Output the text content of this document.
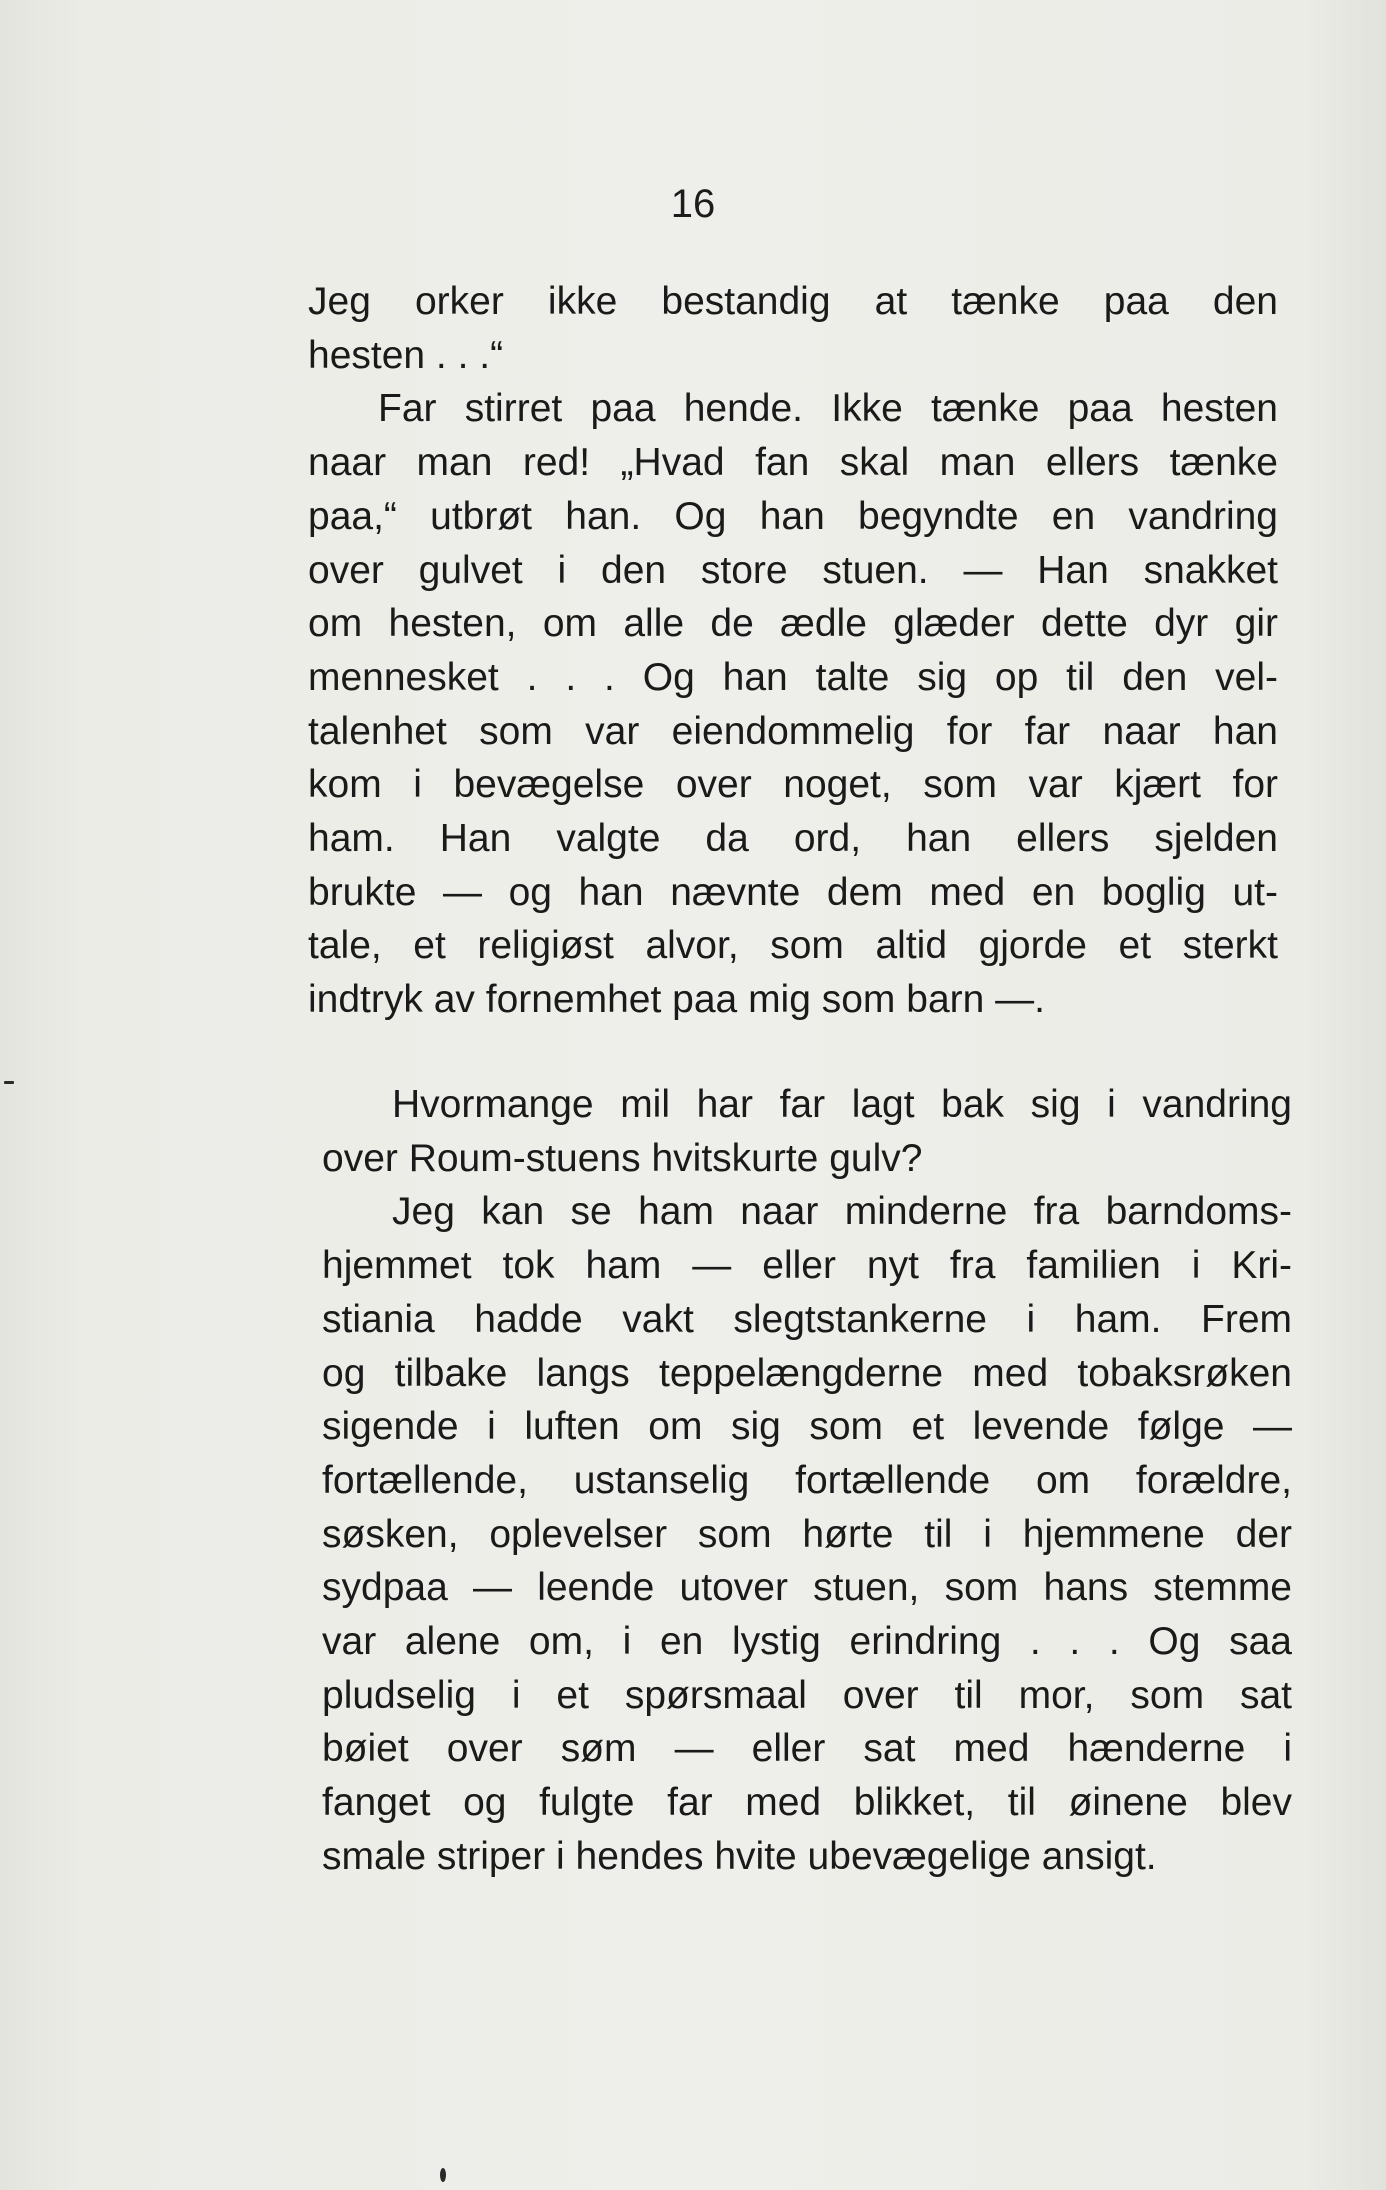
16
Jeg orker ikke bestandig at tænke paa den
hesten . . .“
Far stirret paa hende. Ikke tænke paa hesten
naar man red! „Hvad fan skal man ellers tænke
paa,“ utbrøt han. Og han begyndte en vandring
over gulvet i den store stuen. — Han snakket
om hesten, om alle de ædle glæder dette dyr gir
mennesket . . . Og han talte sig op til den vel-
talenhet som var eiendommelig for far naar han
kom i bevægelse over noget, som var kjært for
ham. Han valgte da ord, han ellers sjelden
brukte — og han nævnte dem med en boglig ut-
tale, et religiøst alvor, som altid gjorde et sterkt
indtryk av fornemhet paa mig som barn —.
Hvormange mil har far lagt bak sig i vandring
over Roum-stuens hvitskurte gulv?
Jeg kan se ham naar minderne fra barndoms-
hjemmet tok ham — eller nyt fra familien i Kri-
stiania hadde vakt slegtstankerne i ham. Frem
og tilbake langs teppelængderne med tobaksrøken
sigende i luften om sig som et levende følge —
fortællende, ustanselig fortællende om forældre,
søsken, oplevelser som hørte til i hjemmene der
sydpaa — leende utover stuen, som hans stemme
var alene om, i en lystig erindring . . . Og saa
pludselig i et spørsmaal over til mor, som sat
bøiet over søm — eller sat med hænderne i
fanget og fulgte far med blikket, til øinene blev
smale striper i hendes hvite ubevægelige ansigt.
